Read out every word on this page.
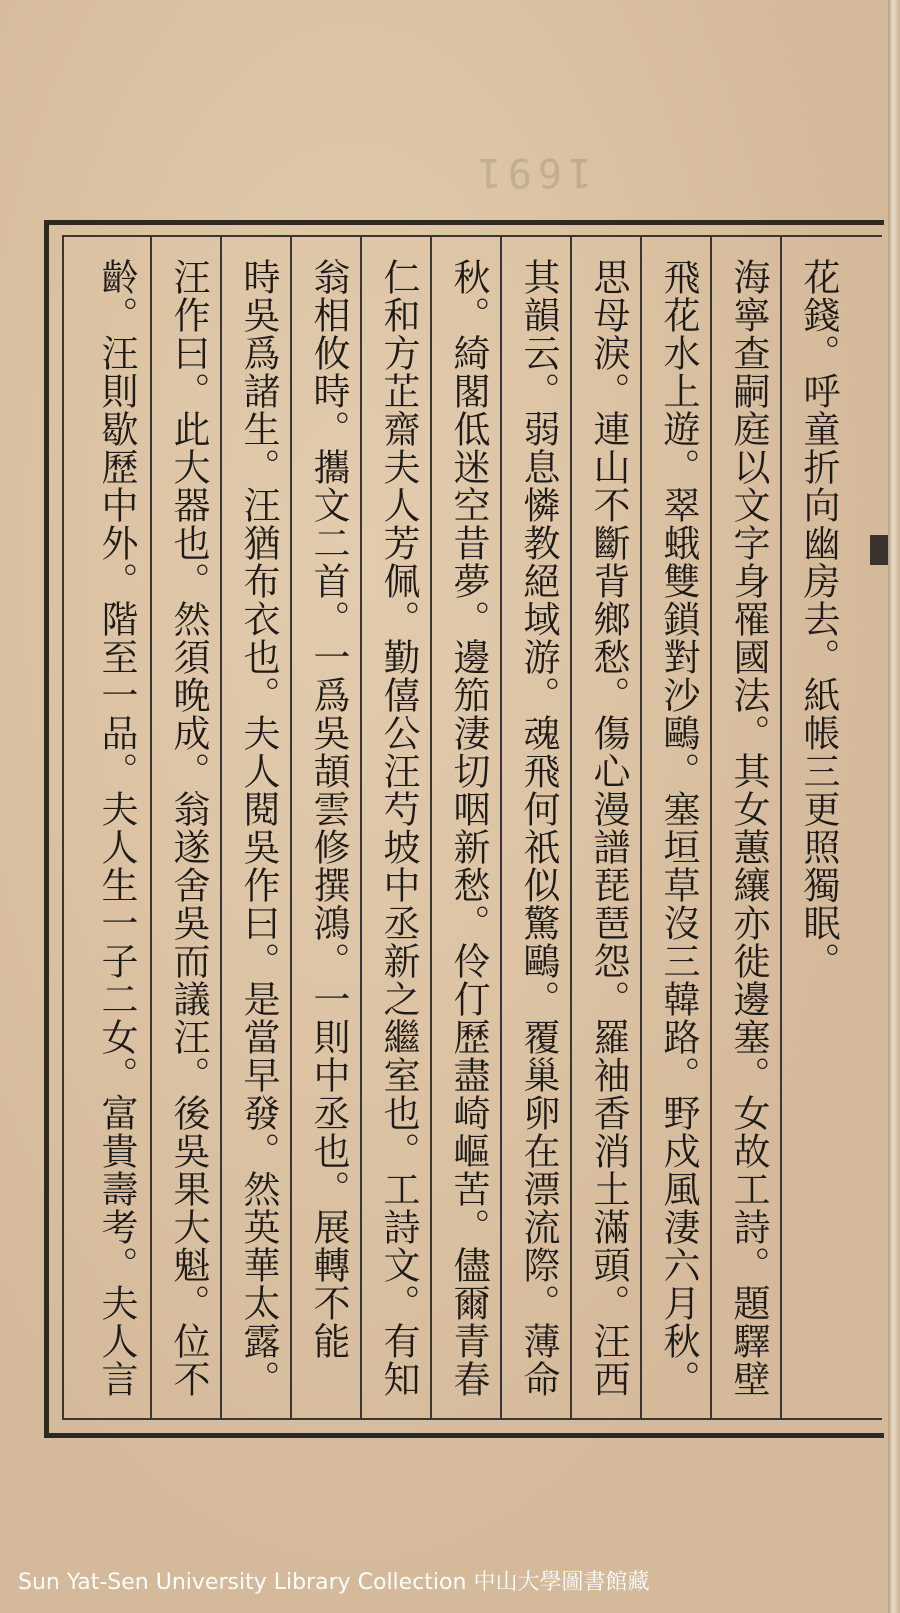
1691
花錢。呼童折向幽房去。紙帳三更照獨眠。
海寧查嗣庭以文字身罹國法。其女蕙纕亦徙邊塞。女故工詩。題驛壁
飛花水上遊。翠蛾雙鎖對沙鷗。塞垣草沒三韓路。野戍風淒六月秋。
思母淚。連山不斷背鄉愁。傷心漫譜琵琶怨。羅袖香消土滿頭。汪西
其韻云。弱息憐教絕域游。魂飛何祇似驚鷗。覆巢卵在漂流際。薄命
秋。綺閣低迷空昔夢。邊笳淒切咽新愁。伶仃歷盡崎嶇苦。儘爾青春
仁和方芷齋夫人芳佩。勤僖公汪芍坡中丞新之繼室也。工詩文。有知
翁相攸時。攜文二首。一爲吳頡雲修撰鴻。一則中丞也。展轉不能
時吳爲諸生。汪猶布衣也。夫人閱吳作曰。是當早發。然英華太露。
汪作曰。此大器也。然須晚成。翁遂舍吳而議汪。後吳果大魁。位不
齡。汪則歇歷中外。階至一品。夫人生一子二女。富貴壽考。夫人言
Sun Yat-Sen University Library Collection 中山大學圖書館藏
